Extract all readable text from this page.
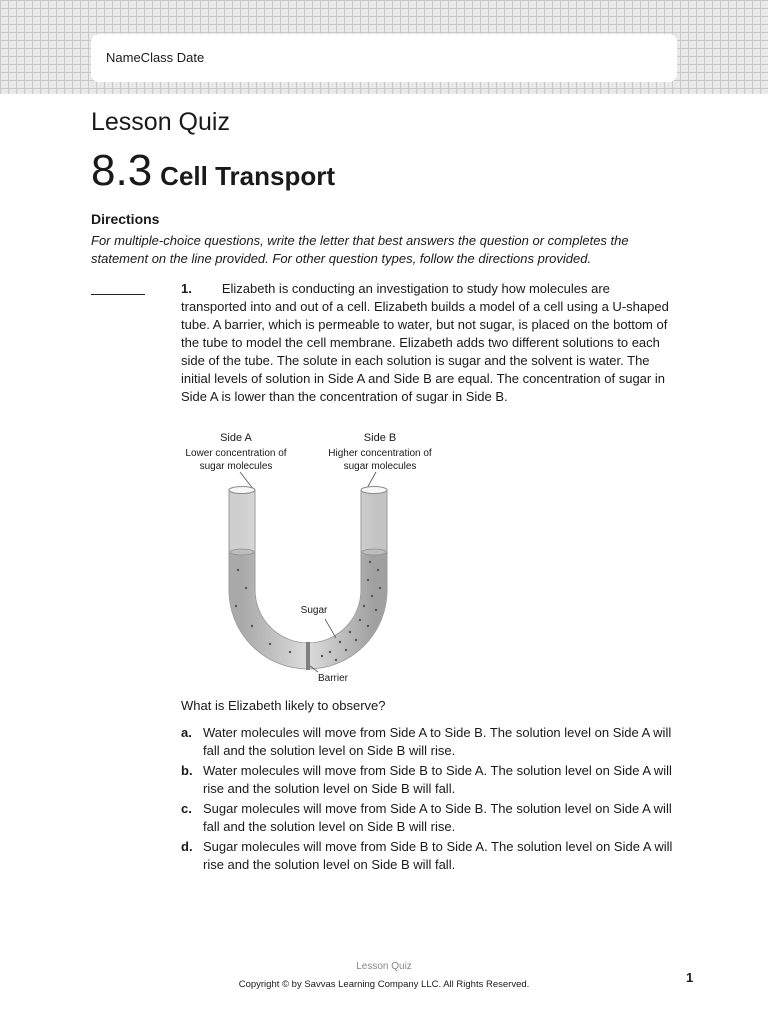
NameClass Date
Lesson Quiz
8.3 Cell Transport
Directions
For multiple-choice questions, write the letter that best answers the question or completes the statement on the line provided. For other question types, follow the directions provided.
1. Elizabeth is conducting an investigation to study how molecules are transported into and out of a cell. Elizabeth builds a model of a cell using a U-shaped tube. A barrier, which is permeable to water, but not sugar, is placed on the bottom of the tube to model the cell membrane. Elizabeth adds two different solutions to each side of the tube. The solute in each solution is sugar and the solvent is water. The initial levels of solution in Side A and Side B are equal. The concentration of sugar in Side A is lower than the concentration of sugar in Side B.
Side A
Lower concentration of
sugar molecules
Side B
Higher concentration of
sugar molecules
Sugar
Barrier
What is Elizabeth likely to observe?
a. Water molecules will move from Side A to Side B. The solution level on Side A will fall and the solution level on Side B will rise.
b. Water molecules will move from Side B to Side A. The solution level on Side A will rise and the solution level on Side B will fall.
c. Sugar molecules will move from Side A to Side B. The solution level on Side A will fall and the solution level on Side B will rise.
d. Sugar molecules will move from Side B to Side A. The solution level on Side A will rise and the solution level on Side B will fall.
Lesson Quiz
Copyright © by Savvas Learning Company LLC. All Rights Reserved.	1
